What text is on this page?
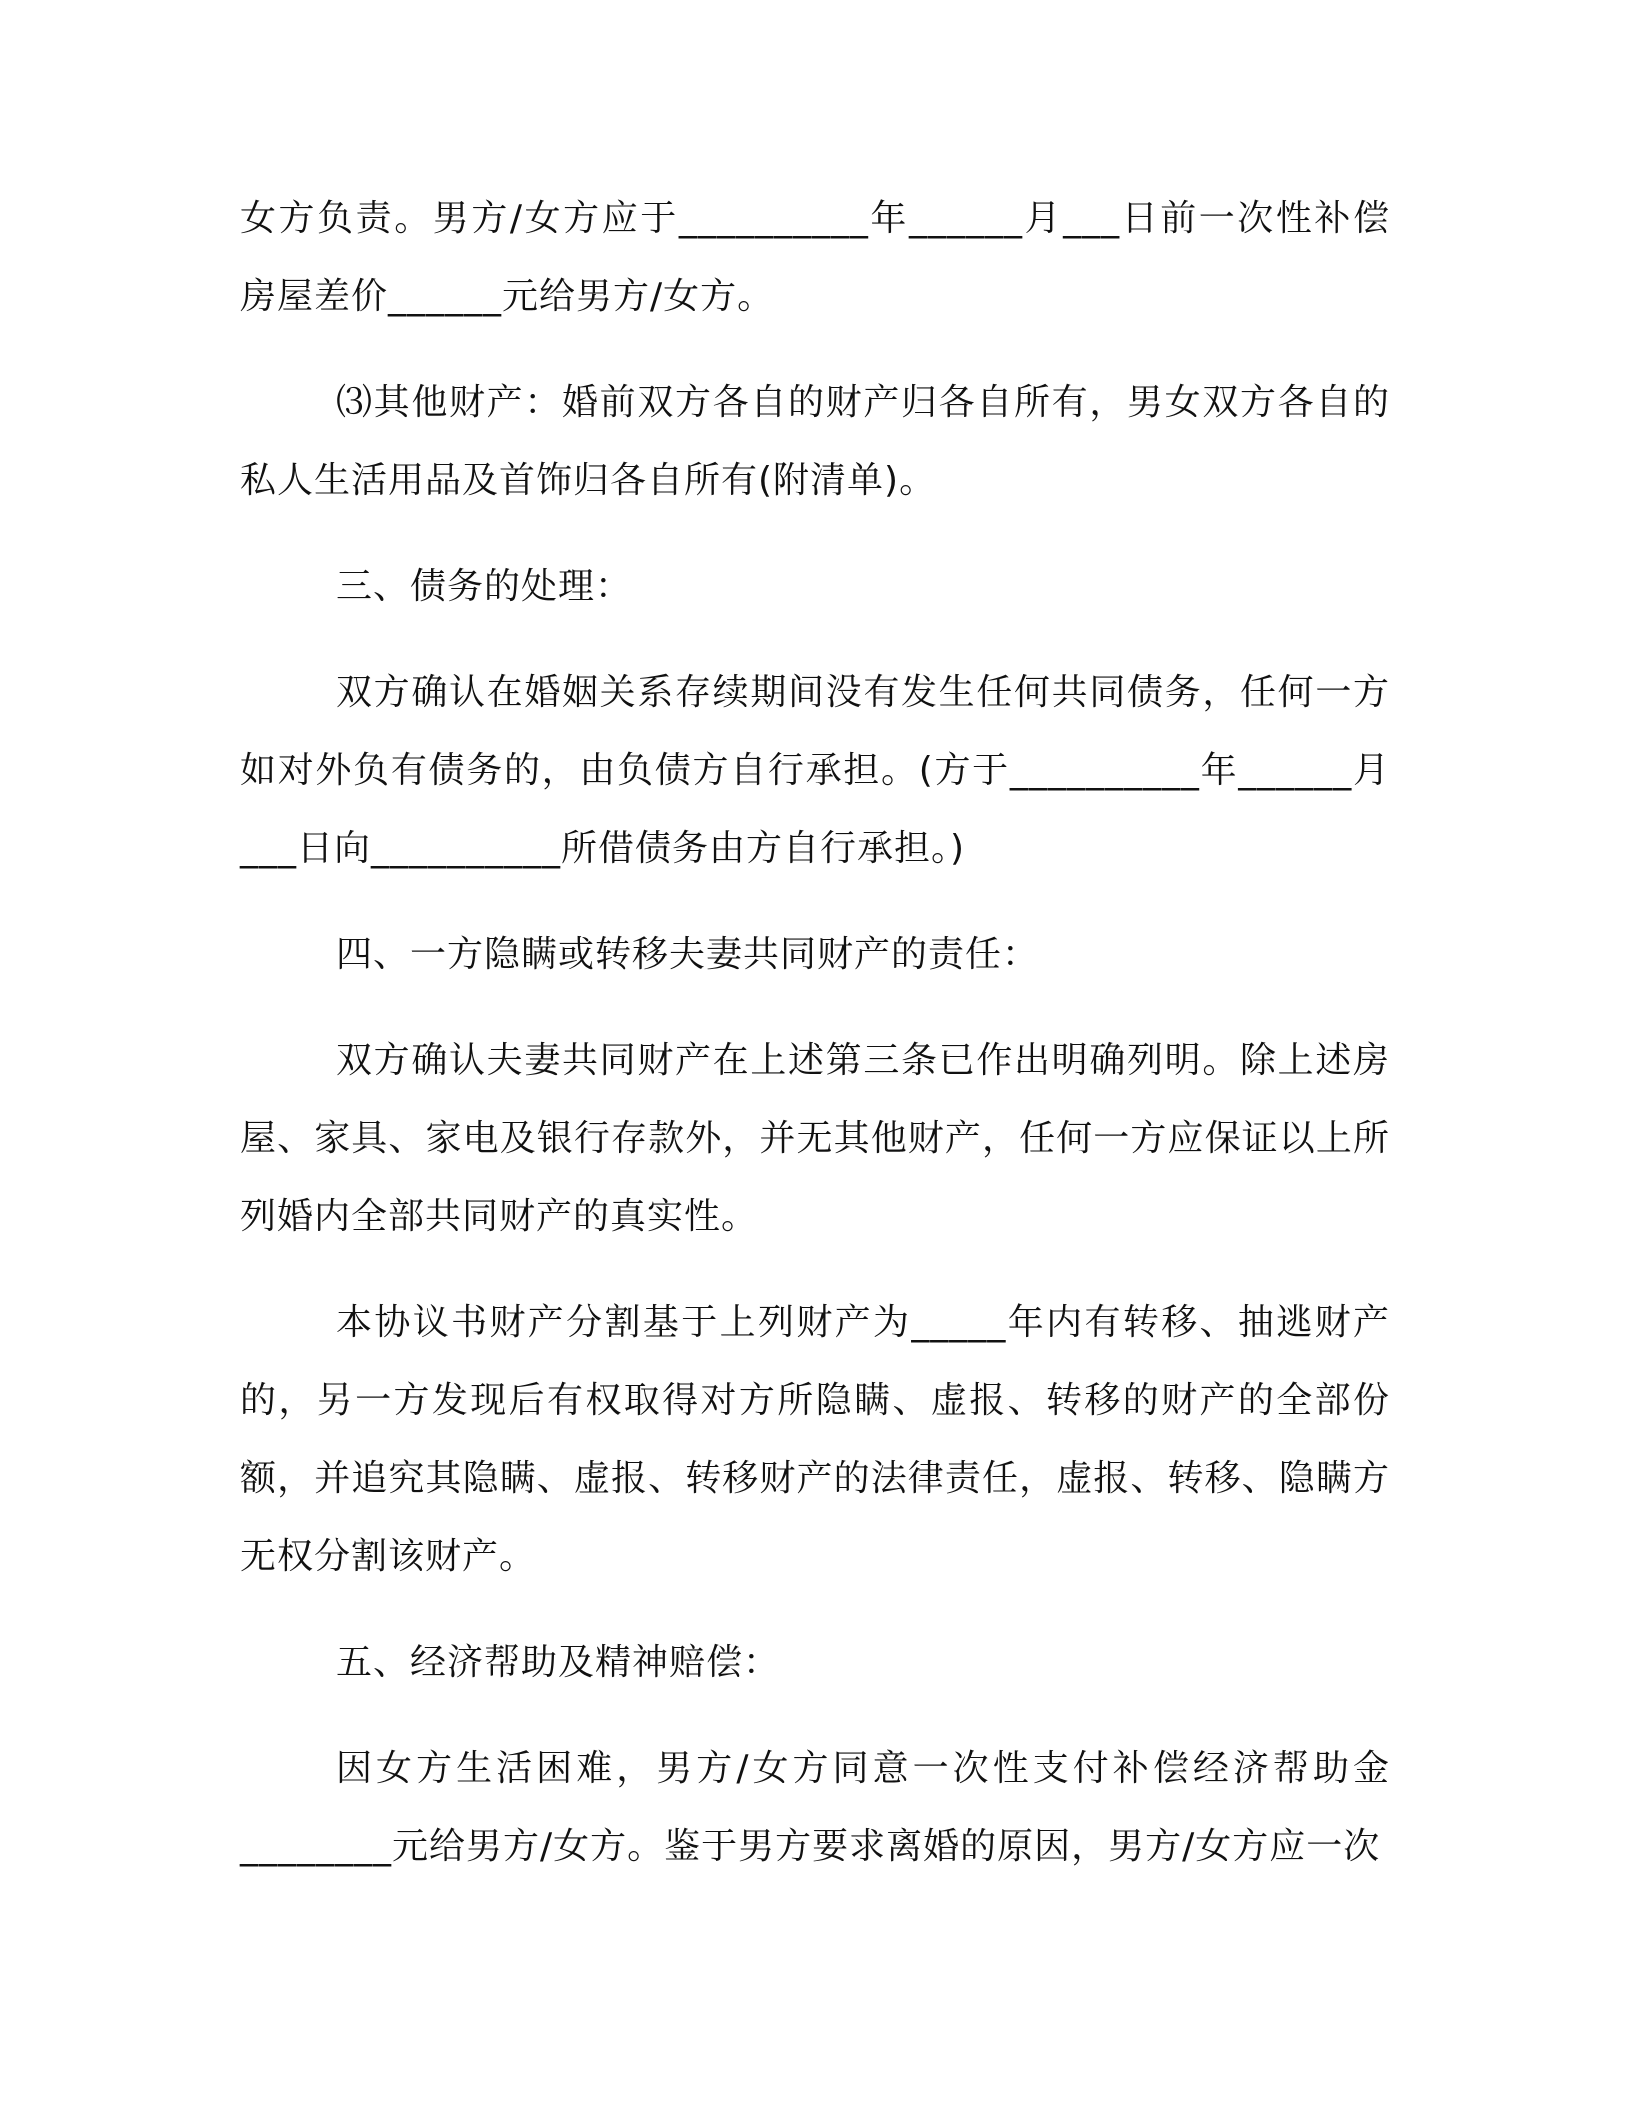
女方负责。男方/女方应于__________年______月___日前一次性补偿房屋差价______元给男方/女方。

⑶其他财产：婚前双方各自的财产归各自所有，男女双方各自的私人生活用品及首饰归各自所有(附清单)。

三、债务的处理：

双方确认在婚姻关系存续期间没有发生任何共同债务，任何一方如对外负有债务的，由负债方自行承担。(方于__________年______月___日向__________所借债务由方自行承担。)

四、一方隐瞒或转移夫妻共同财产的责任：

双方确认夫妻共同财产在上述第三条已作出明确列明。除上述房屋、家具、家电及银行存款外，并无其他财产，任何一方应保证以上所列婚内全部共同财产的真实性。

本协议书财产分割基于上列财产为_____年内有转移、抽逃财产的，另一方发现后有权取得对方所隐瞒、虚报、转移的财产的全部份额，并追究其隐瞒、虚报、转移财产的法律责任，虚报、转移、隐瞒方无权分割该财产。

五、经济帮助及精神赔偿：

因女方生活困难，男方/女方同意一次性支付补偿经济帮助金________元给男方/女方。鉴于男方要求离婚的原因，男方/女方应一次
